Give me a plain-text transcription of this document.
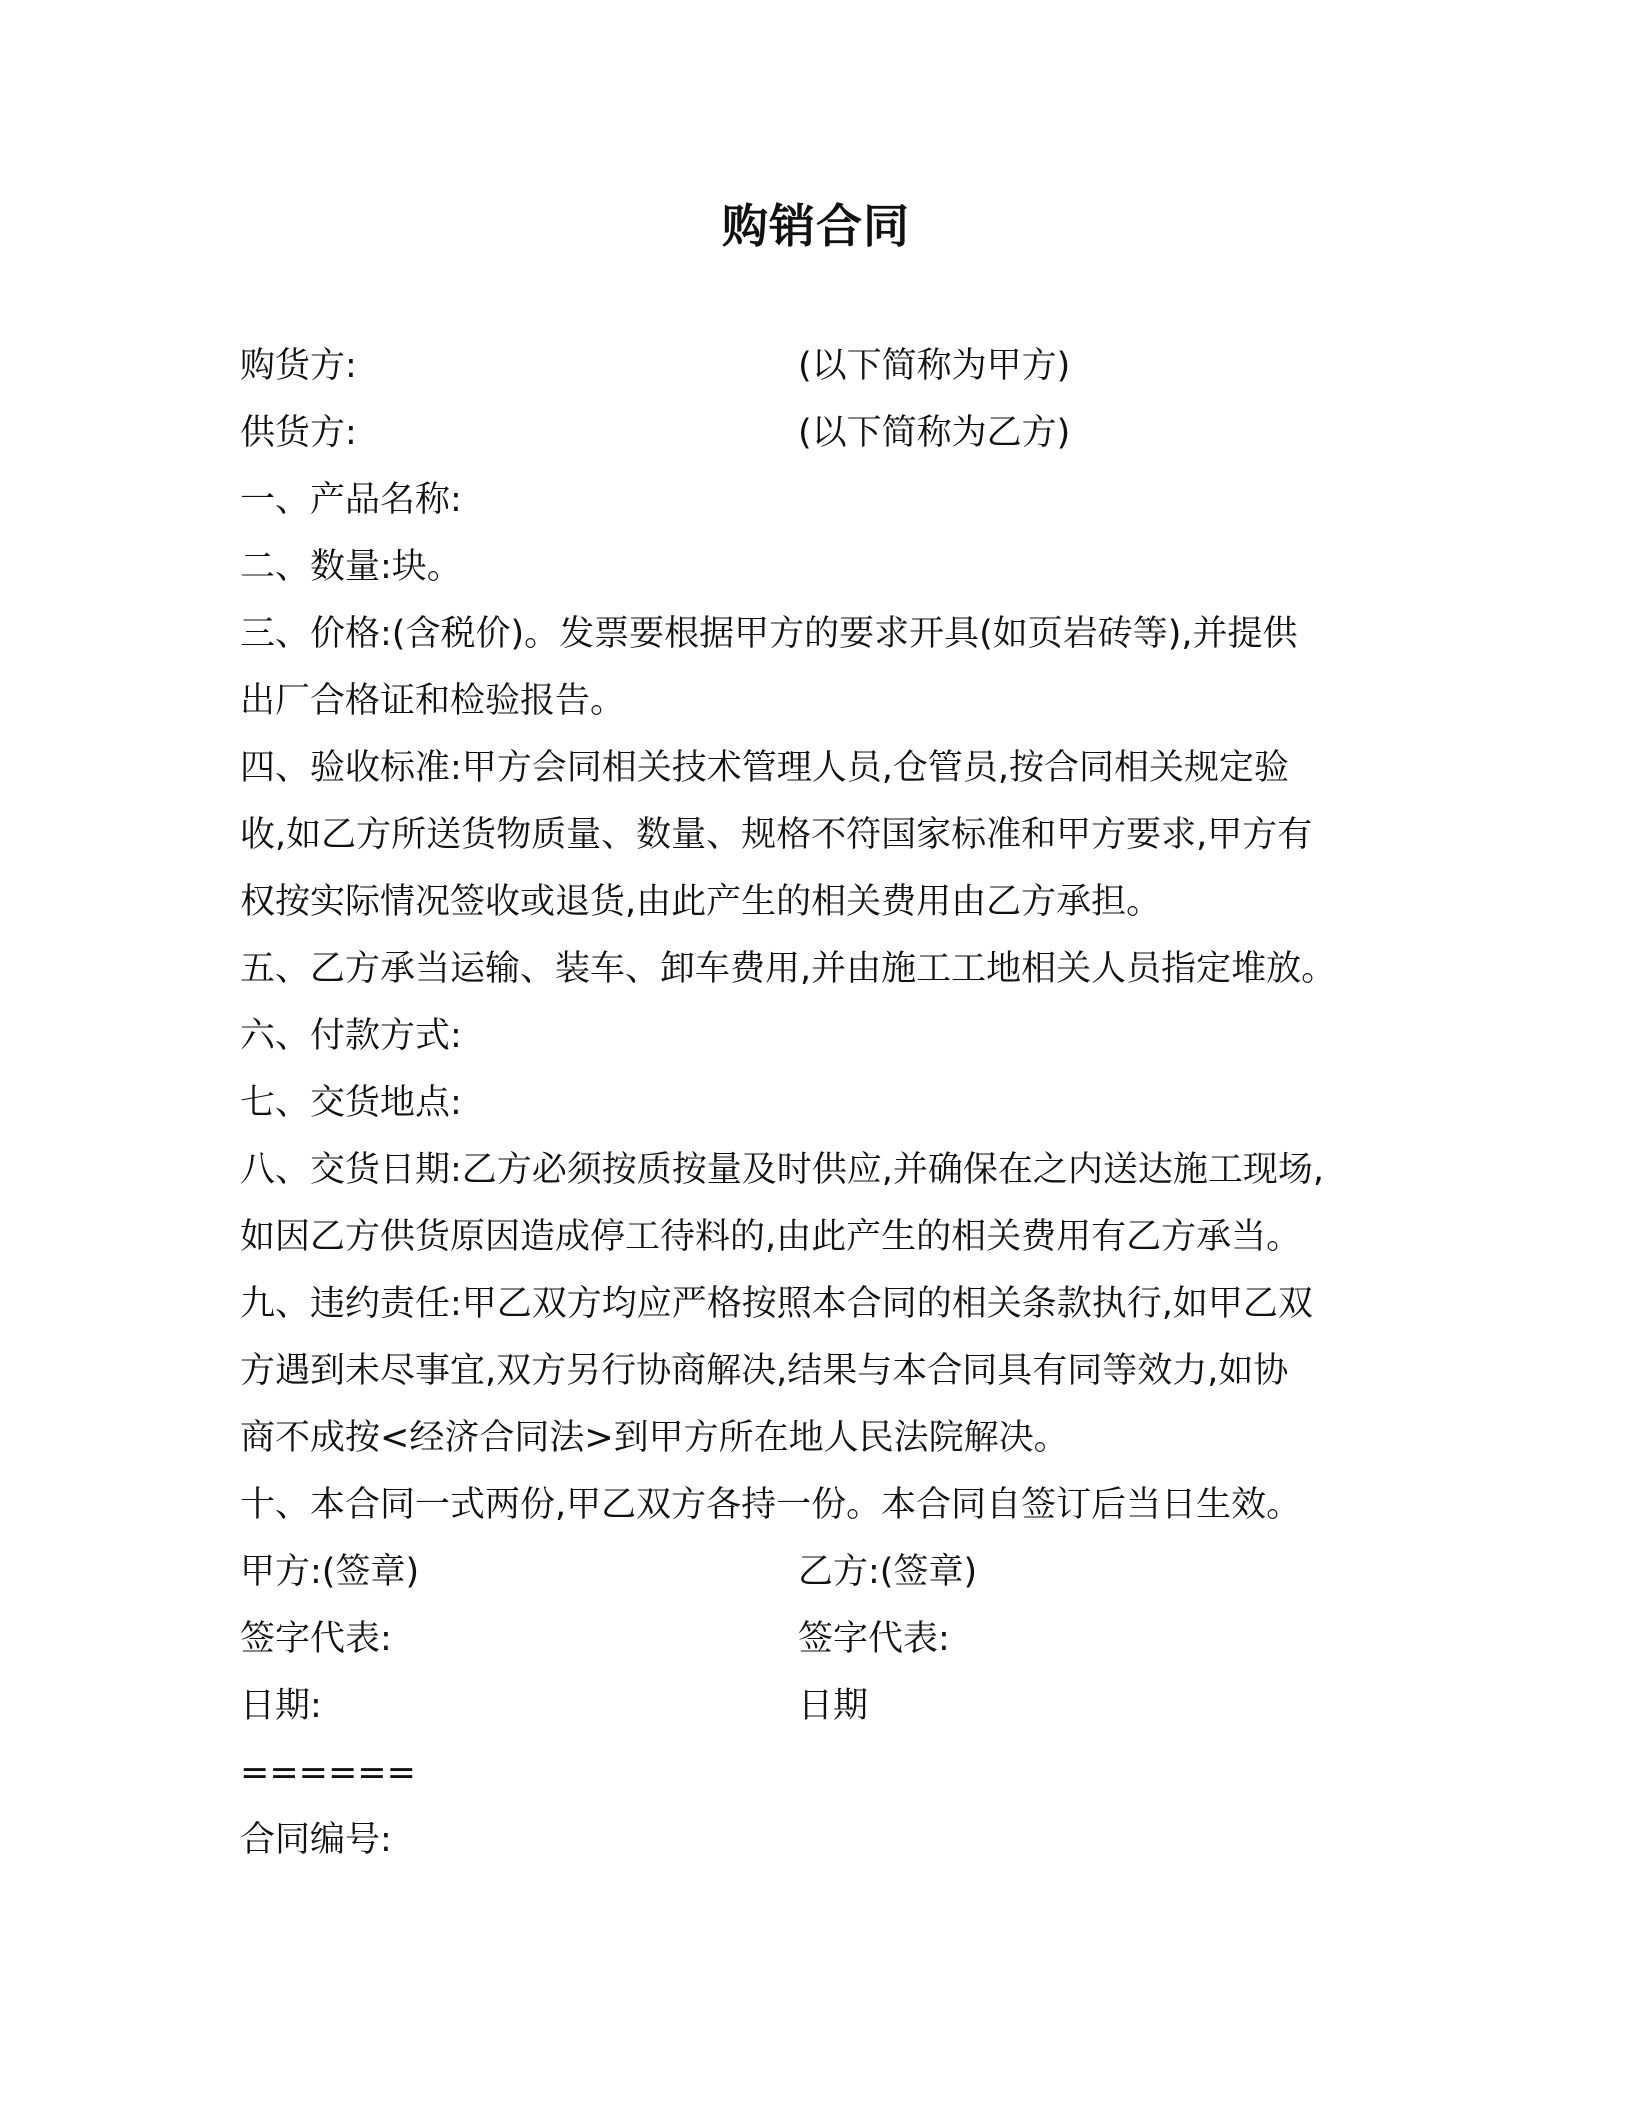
购销合同
购货方:	(以下简称为甲方)
供货方:	(以下简称为乙方)
一、产品名称:
二、数量:块。
三、价格:(含税价)。发票要根据甲方的要求开具(如页岩砖等),并提供
出厂合格证和检验报告。
四、验收标准:甲方会同相关技术管理人员,仓管员,按合同相关规定验
收,如乙方所送货物质量、数量、规格不符国家标准和甲方要求,甲方有
权按实际情况签收或退货,由此产生的相关费用由乙方承担。
五、乙方承当运输、装车、卸车费用,并由施工工地相关人员指定堆放。
六、付款方式:
七、交货地点:
八、交货日期:乙方必须按质按量及时供应,并确保在之内送达施工现场,
如因乙方供货原因造成停工待料的,由此产生的相关费用有乙方承当。
九、违约责任:甲乙双方均应严格按照本合同的相关条款执行,如甲乙双
方遇到未尽事宜,双方另行协商解决,结果与本合同具有同等效力,如协
商不成按<经济合同法>到甲方所在地人民法院解决。
十、本合同一式两份,甲乙双方各持一份。本合同自签订后当日生效。
甲方:(签章)	乙方:(签章)
签字代表:	签字代表:
日期:	日期
======
合同编号:
